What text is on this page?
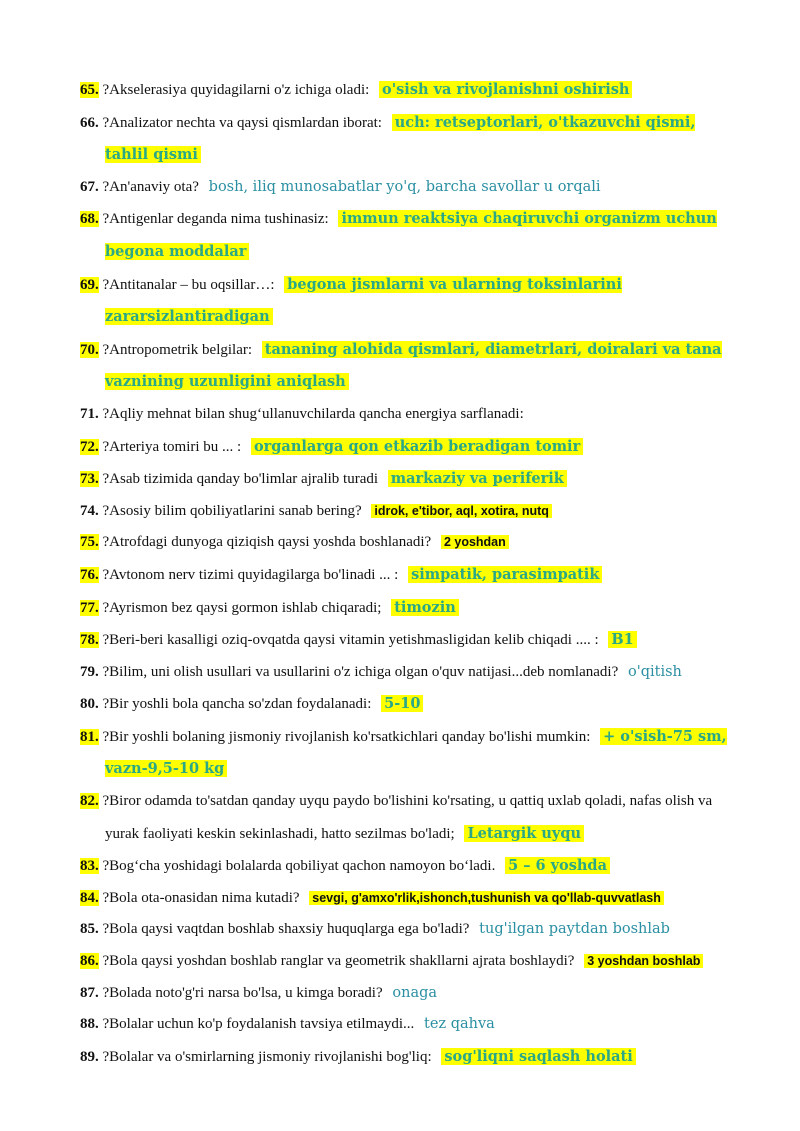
65. ?Akselerasiya quyidagilarni o'z ichiga oladi: o'sish va rivojlanishni oshirish
66. ?Analizator nechta va qaysi qismlardan iborat: uch: retseptorlari, o'tkazuvchi qismi, tahlil qismi
67. ?An'anaviy ota? bosh, iliq munosabatlar yo'q, barcha savollar u orqali
68. ?Antigenlar deganda nima tushinasiz: immun reaktsiya chaqiruvchi organizm uchun begona moddalar
69. ?Antitanalar – bu oqsillar…: begona jismlarni va ularning toksinlarini zararsizlantiradigan
70. ?Antropometrik belgilar: tananing alohida qismlari, diametrlari, doiralari va tana vaznining uzunligini aniqlash
71. ?Aqliy mehnat bilan shug‘ullanuvchilarda qancha energiya sarflanadi:
72. ?Arteriya tomiri bu ... : organlarga qon etkazib beradigan tomir
73. ?Asab tizimida qanday bo'limlar ajralib turadi markaziy va periferik
74. ?Asosiy bilim qobiliyatlarini sanab bering? idrok, e'tibor, aql, xotira, nutq
75. ?Atrofdagi dunyoga qiziqish qaysi yoshda boshlanadi? 2 yoshdan
76. ?Avtonom nerv tizimi quyidagilarga bo'linadi ... : simpatik, parasimpatik
77. ?Ayrismon bez qaysi gormon ishlab chiqaradi; timozin
78. ?Beri-beri kasalligi oziq-ovqatda qaysi vitamin yetishmasligidan kelib chiqadi .... : B1
79. ?Bilim, uni olish usullari va usullarini o'z ichiga olgan o'quv natijasi...deb nomlanadi? o'qitish
80. ?Bir yoshli bola qancha so'zdan foydalanadi: 5-10
81. ?Bir yoshli bolaning jismoniy rivojlanish ko'rsatkichlari qanday bo'lishi mumkin: + o'sish-75 sm, vazn-9,5-10 kg
82. ?Biror odamda to'satdan qanday uyqu paydo bo'lishini ko'rsating, u qattiq uxlab qoladi, nafas olish va yurak faoliyati keskin sekinlashadi, hatto sezilmas bo'ladi; Letargik uyqu
83. ?Bog‘cha yoshidagi bolalarda qobiliyat qachon namoyon bo‘ladi. 5 – 6 yoshda
84. ?Bola ota-onasidan nima kutadi? sevgi, g'amxo'rlik,ishonch,tushunish va qo'llab-quvvatlash
85. ?Bola qaysi vaqtdan boshlab shaxsiy huquqlarga ega bo'ladi? tug'ilgan paytdan boshlab
86. ?Bola qaysi yoshdan boshlab ranglar va geometrik shakllarni ajrata boshlaydi? 3 yoshdan boshlab
87. ?Bolada noto'g'ri narsa bo'lsa, u kimga boradi? onaga
88. ?Bolalar uchun ko'p foydalanish tavsiya etilmaydi... tez qahva
89. ?Bolalar va o'smirlarning jismoniy rivojlanishi bog'liq: sog'liqni saqlash holati
